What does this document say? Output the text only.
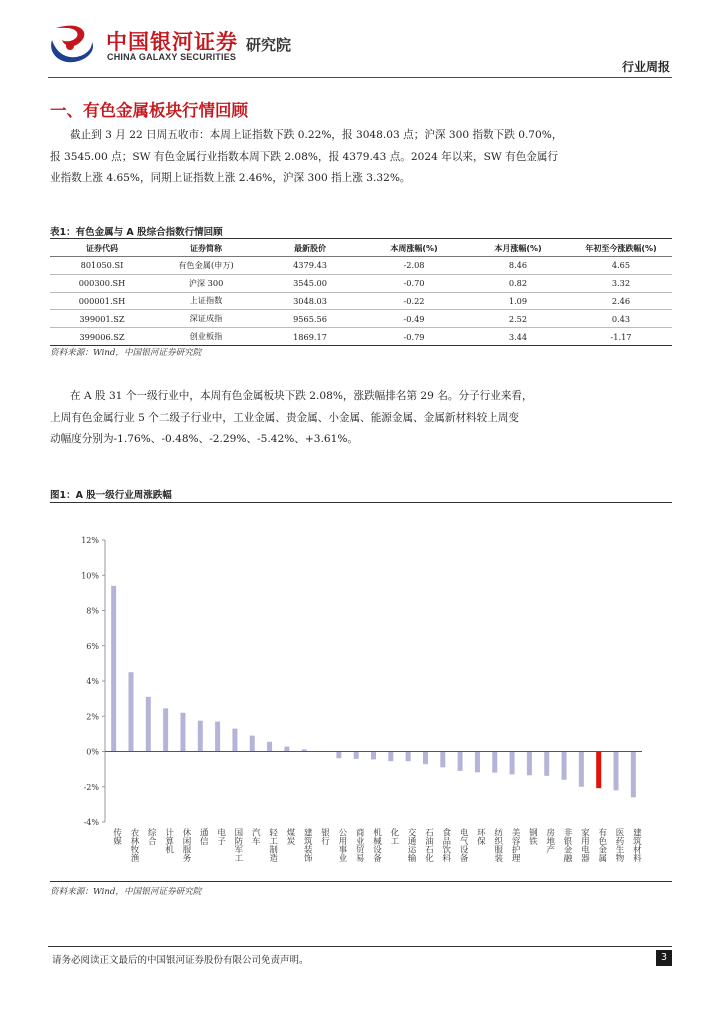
中国银河证券
CHINA GALAXY SECURITIES
研究院
行业周报
一、有色金属板块行情回顾
截止到 3 月 22 日周五收市：本周上证指数下跌 0.22%，报 3048.03 点；沪深 300 指数下跌 0.70%，
报 3545.00 点；SW 有色金属行业指数本周下跌 2.08%，报 4379.43 点。2024 年以来，SW 有色金属行
业指数上涨 4.65%，同期上证指数上涨 2.46%，沪深 300 指上涨 3.32%。
表1：有色金属与 A 股综合指数行情回顾
证券代码	证券简称	最新股价	本周涨幅(%)	本月涨幅(%)	年初至今涨跌幅(%)
801050.SI	有色金属(申万)	4379.43	-2.08	8.46	4.65
000300.SH	沪深 300	3545.00	-0.70	0.82	3.32
000001.SH	上证指数	3048.03	-0.22	1.09	2.46
399001.SZ	深证成指	9565.56	-0.49	2.52	0.43
399006.SZ	创业板指	1869.17	-0.79	3.44	-1.17
资料来源：Wind，中国银河证券研究院
在 A 股 31 个一级行业中，本周有色金属板块下跌 2.08%，涨跌幅排名第 29 名。分子行业来看，
上周有色金属行业 5 个二级子行业中，工业金属、贵金属、小金属、能源金属、金属新材料较上周变
动幅度分别为-1.76%、-0.48%、-2.29%、-5.42%、+3.61%。
图1：A 股一级行业周涨跌幅
12%
10%
8%
6%
4%
2%
0%
-2%
-4%
传媒 农林牧渔 综合 计算机 休闲服务 通信 电子 国防军工 汽车 轻工制造 煤炭 建筑装饰 银行 公用事业 商业贸易 机械设备 化工 交通运输 石油石化 食品饮料 电气设备 环保 纺织服装 美容护理 钢铁 房地产 非银金融 家用电器 有色金属 医药生物 建筑材料
资料来源：Wind，中国银河证券研究院
请务必阅读正文最后的中国银河证券股份有限公司免责声明。	3
